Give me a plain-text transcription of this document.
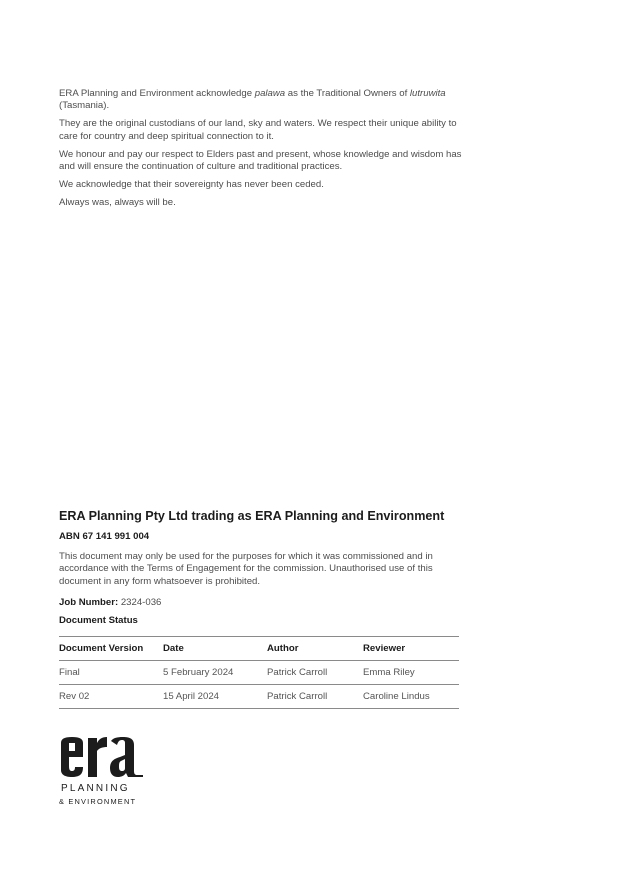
ERA Planning and Environment acknowledge palawa as the Traditional Owners of lutruwita (Tasmania).

They are the original custodians of our land, sky and waters. We respect their unique ability to care for country and deep spiritual connection to it.

We honour and pay our respect to Elders past and present, whose knowledge and wisdom has and will ensure the continuation of culture and traditional practices.

We acknowledge that their sovereignty has never been ceded.

Always was, always will be.

ERA Planning Pty Ltd trading as ERA Planning and Environment
ABN 67 141 991 004

This document may only be used for the purposes for which it was commissioned and in accordance with the Terms of Engagement for the commission. Unauthorised use of this document in any form whatsoever is prohibited.

Job Number: 2324-036
Document Status
Document Version	Date	Author	Reviewer
Final	5 February 2024	Patrick Carroll	Emma Riley
Rev 02	15 April 2024	Patrick Carroll	Caroline Lindus
PLANNING
& ENVIRONMENT
